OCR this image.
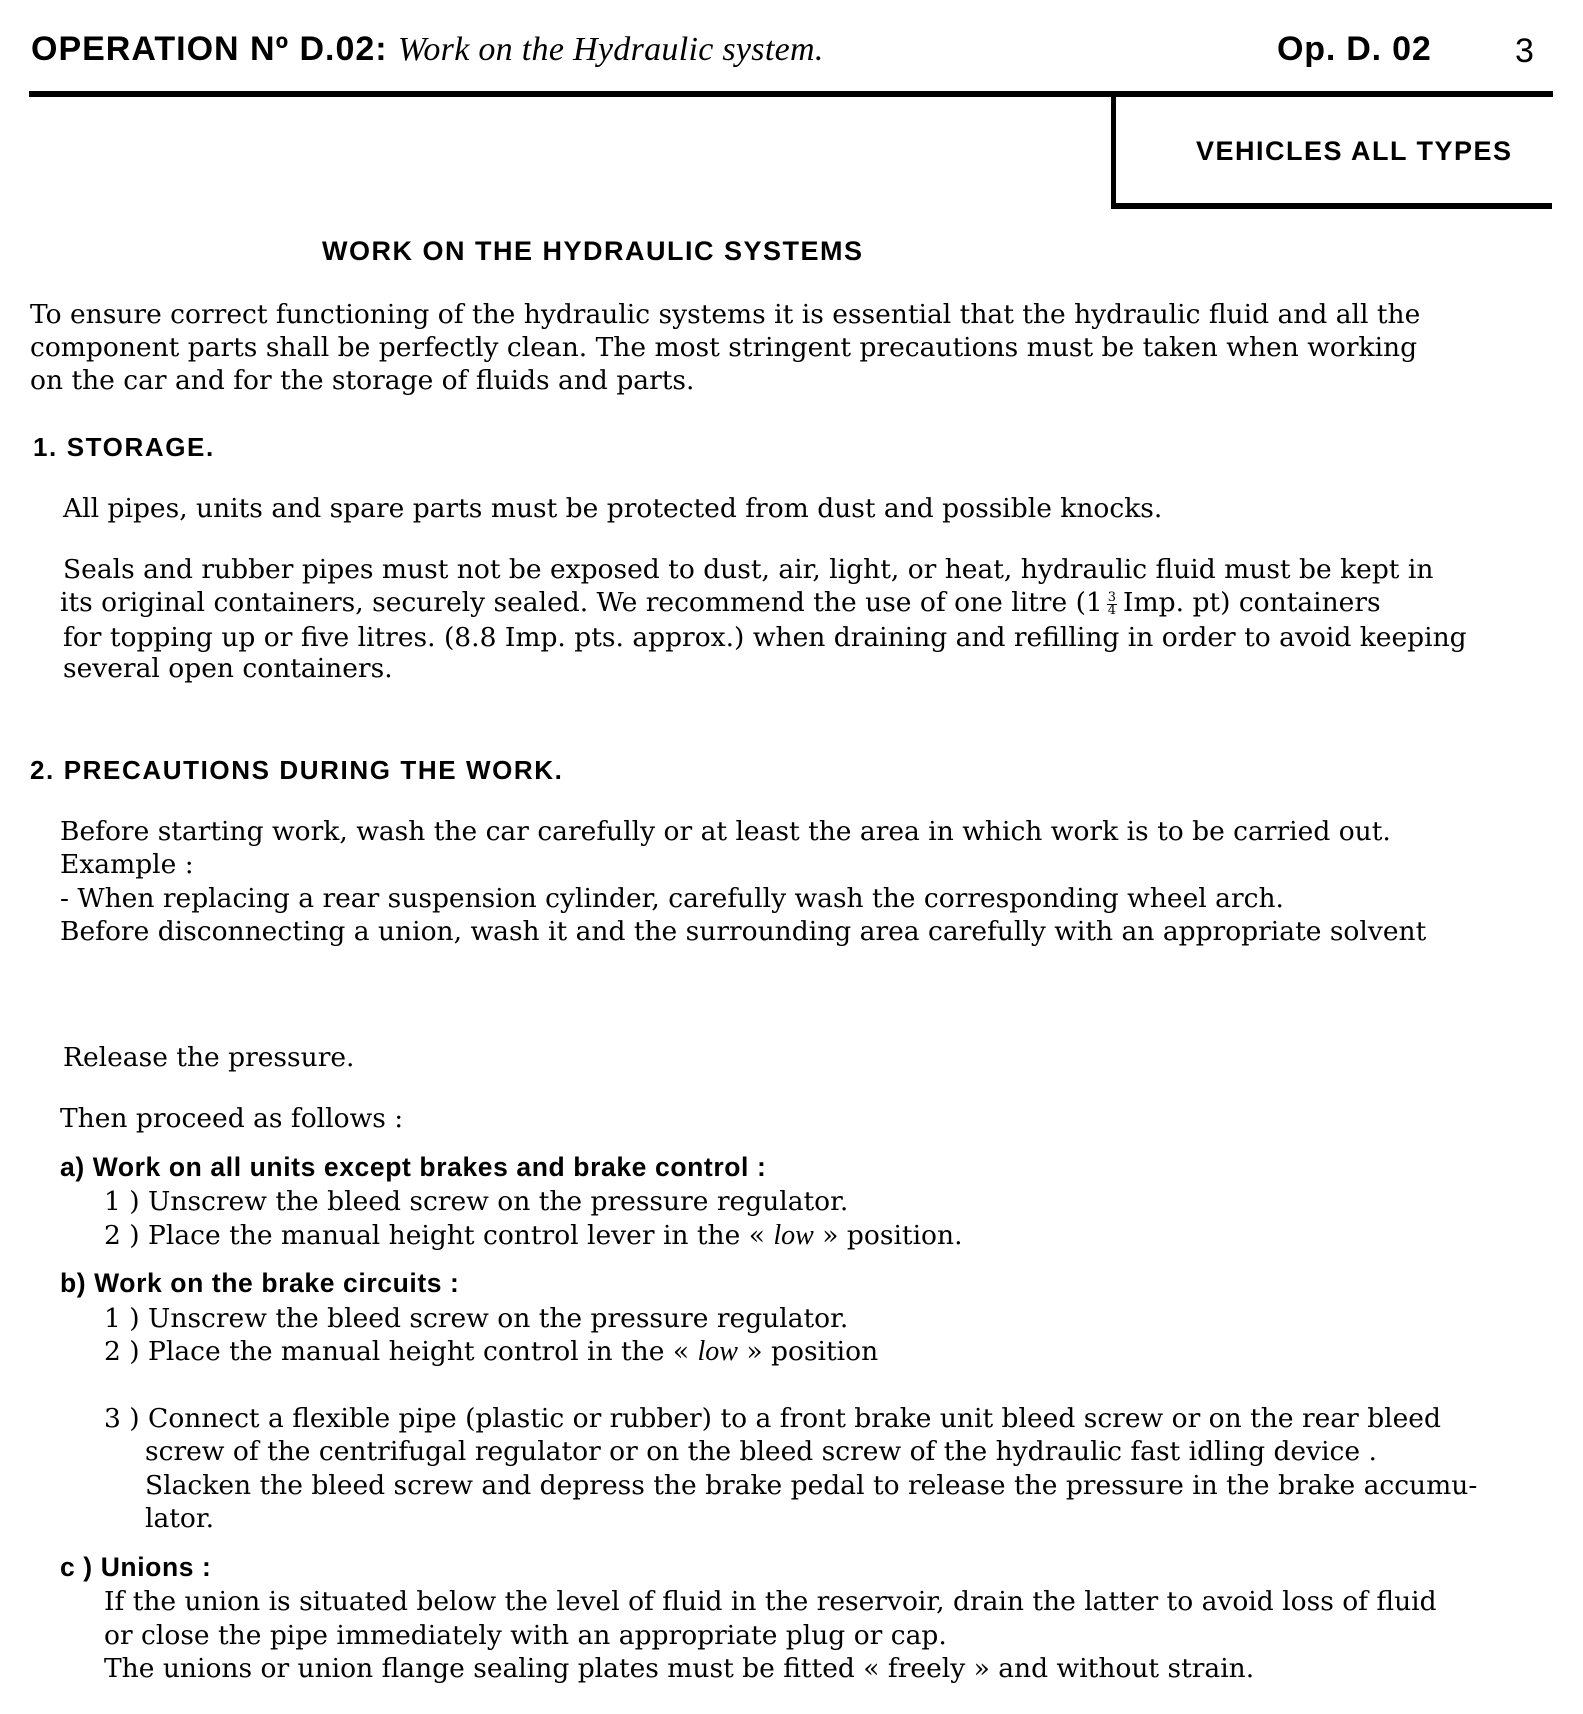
OPERATION Nº D.02: Work on the Hydraulic system.	Op. D. 02 3
VEHICLES ALL TYPES
WORK ON THE HYDRAULIC SYSTEMS
To ensure correct functioning of the hydraulic systems it is essential that the hydraulic fluid and all the
component parts shall be perfectly clean. The most stringent precautions must be taken when working
on the car and for the storage of fluids and parts.
1. STORAGE.
All pipes, units and spare parts must be protected from dust and possible knocks.
Seals and rubber pipes must not be exposed to dust, air, light, or heat, hydraulic fluid must be kept in
its original containers, securely sealed. We recommend the use of one litre ($1 \frac{3}{4}$ Imp. pt) containers
for topping up or five litres. (8.8 Imp. pts. approx.) when draining and refilling in order to avoid keeping
several open containers.
2. PRECAUTIONS DURING THE WORK.
Before starting work, wash the car carefully or at least the area in which work is to be carried out.
Example :
- When replacing a rear suspension cylinder, carefully wash the corresponding wheel arch.
Before disconnecting a union, wash it and the surrounding area carefully with an appropriate solvent
Release the pressure.
Then proceed as follows :
a) Work on all units except brakes and brake control :
1 ) Unscrew the bleed screw on the pressure regulator.
2 ) Place the manual height control lever in the « low » position.
b) Work on the brake circuits :
1 ) Unscrew the bleed screw on the pressure regulator.
2 ) Place the manual height control in the « low » position
3 ) Connect a flexible pipe (plastic or rubber) to a front brake unit bleed screw or on the rear bleed
screw of the centrifugal regulator or on the bleed screw of the hydraulic fast idling device .
Slacken the bleed screw and depress the brake pedal to release the pressure in the brake accumu-
lator.
c ) Unions :
If the union is situated below the level of fluid in the reservoir, drain the latter to avoid loss of fluid
or close the pipe immediately with an appropriate plug or cap.
The unions or union flange sealing plates must be fitted « freely » and without strain.
